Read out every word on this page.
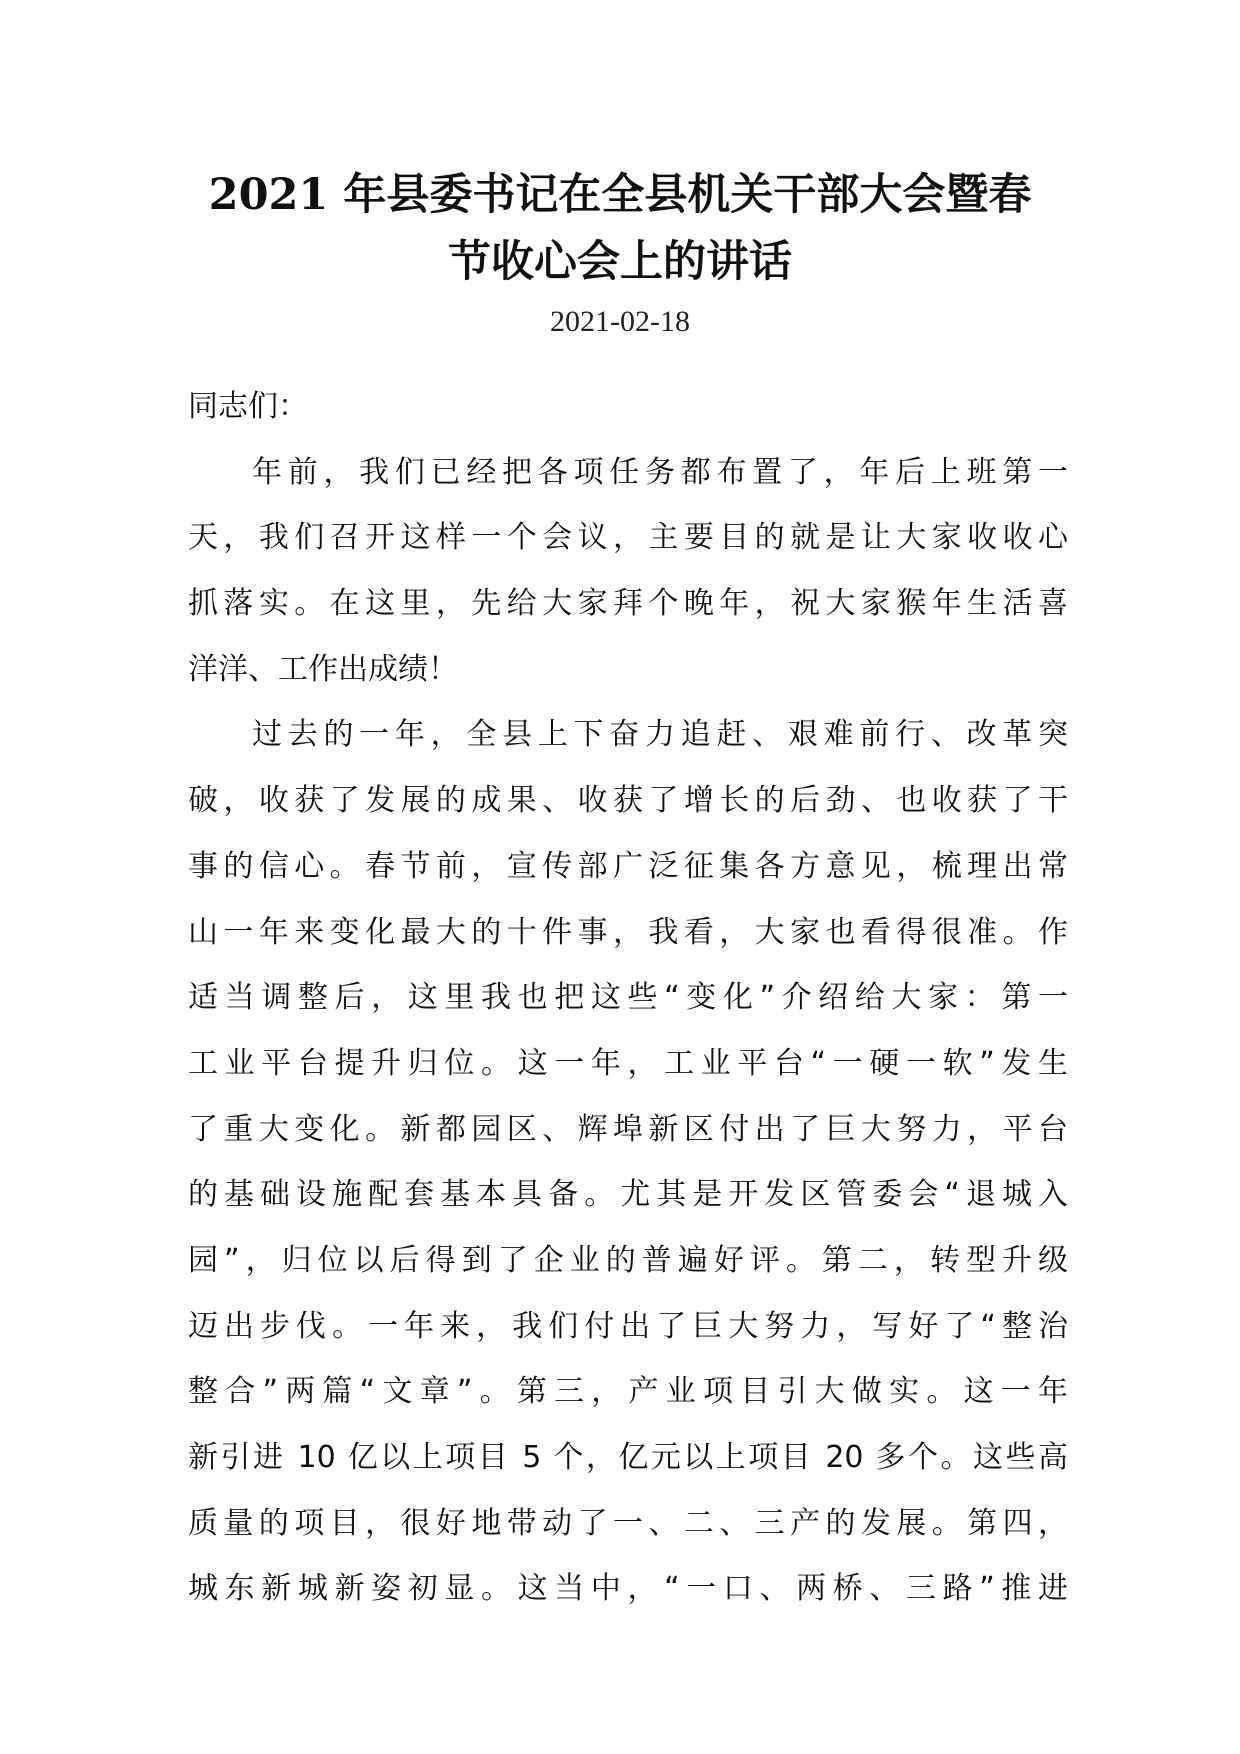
2021 年县委书记在全县机关干部大会暨春
节收心会上的讲话
2021-02-18
同志们：
年前，我们已经把各项任务都布置了，年后上班第一
天，我们召开这样一个会议，主要目的就是让大家收收心
抓落实。在这里，先给大家拜个晚年，祝大家猴年生活喜
洋洋、工作出成绩！
过去的一年，全县上下奋力追赶、艰难前行、改革突
破，收获了发展的成果、收获了增长的后劲、也收获了干
事的信心。春节前，宣传部广泛征集各方意见，梳理出常
山一年来变化最大的十件事，我看，大家也看得很准。作
适当调整后，这里我也把这些“变化”介绍给大家：第一
工业平台提升归位。这一年，工业平台“一硬一软”发生
了重大变化。新都园区、辉埠新区付出了巨大努力，平台
的基础设施配套基本具备。尤其是开发区管委会“退城入
园”，归位以后得到了企业的普遍好评。第二，转型升级
迈出步伐。一年来，我们付出了巨大努力，写好了“整治
整合”两篇“文章”。第三，产业项目引大做实。这一年
新引进 10 亿以上项目 5 个，亿元以上项目 20 多个。这些高
质量的项目，很好地带动了一、二、三产的发展。第四，
城东新城新姿初显。这当中，“一口、两桥、三路”推进
